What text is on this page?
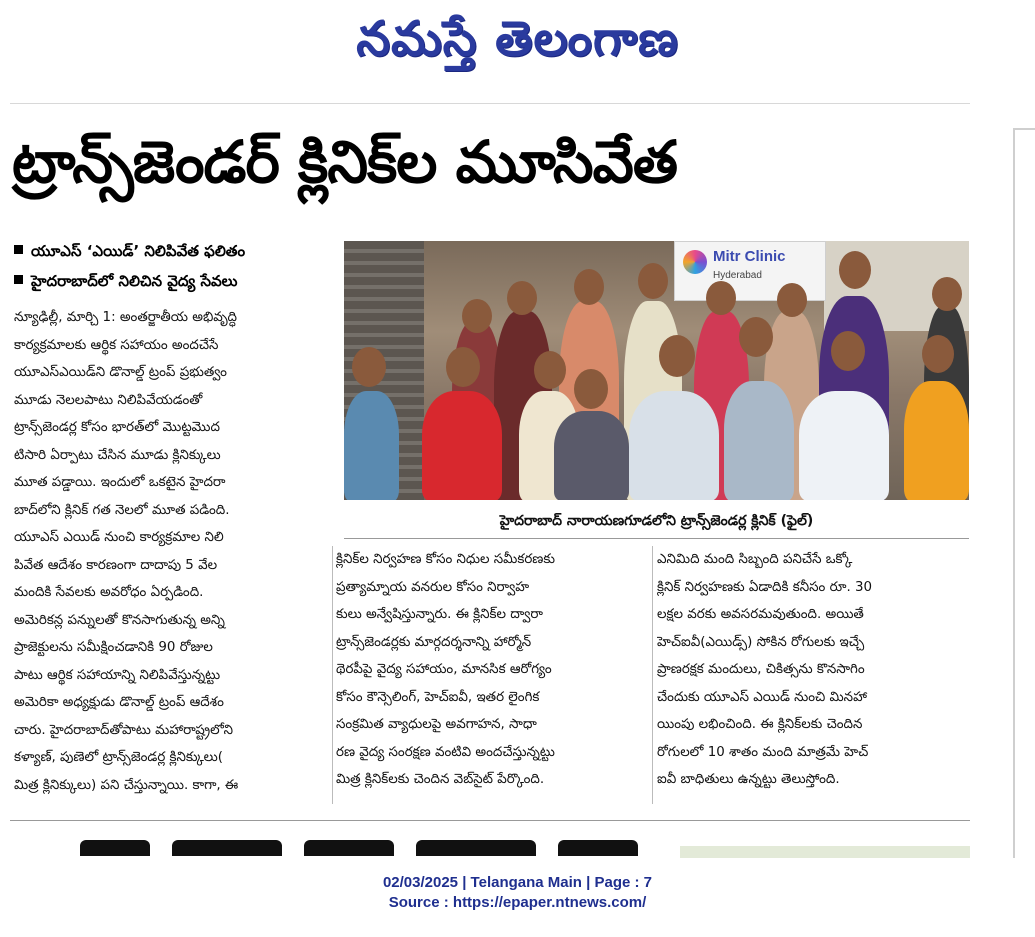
నమస్తే తెలంగాణ
ట్రాన్స్‌జెండర్ క్లినిక్‌ల మూసివేత
యూఎస్ ‘ఎయిడ్’ నిలిపివేత ఫలితం
హైదరాబాద్‌లో నిలిచిన వైద్య సేవలు
Mitr Clinic
Hyderabad
హైదరాబాద్ నారాయణగూడలోని ట్రాన్స్‌జెండర్ల క్లినిక్ (ఫైల్)
న్యూఢిల్లీ, మార్చి 1: అంతర్జాతీయ అభివృద్ధి
కార్యక్రమాలకు ఆర్థిక సహాయం అందచేసే
యూఎస్‌ఎయిడ్‌ని డొనాల్డ్ ట్రంప్ ప్రభుత్వం
మూడు నెలలపాటు నిలిపివేయడంతో
ట్రాన్స్‌జెండర్ల కోసం భారత్‌లో మొట్టమొద
టిసారి ఏర్పాటు చేసిన మూడు క్లినిక్కులు
మూత పడ్డాయి. ఇందులో ఒకటైన హైదరా
బాద్‌లోని క్లినిక్ గత నెలలో మూత పడింది.
యూఎస్ ఎయిడ్ నుంచి కార్యక్రమాల నిలి
పివేత ఆదేశం కారణంగా దాదాపు 5 వేల
మందికి సేవలకు అవరోధం ఏర్పడింది.
అమెరికన్ల పన్నులతో కొనసాగుతున్న అన్ని
ప్రాజెక్టులను సమీక్షించడానికి 90 రోజుల
పాటు ఆర్థిక సహాయాన్ని నిలిపివేస్తున్నట్టు
అమెరికా అధ్యక్షుడు డొనాల్డ్ ట్రంప్ ఆదేశం
చారు. హైదరాబాద్‌తోపాటు మహారాష్ట్రలోని
కళ్యాణ్, పుణెలో ట్రాన్స్‌జెండర్ల క్లినిక్కులు(
మిత్ర క్లినిక్కులు) పని చేస్తున్నాయి. కాగా, ఈ
క్లినిక్‌ల నిర్వహణ కోసం నిధుల సమీకరణకు
ప్రత్యామ్నాయ వనరుల కోసం నిర్వాహ
కులు అన్వేషిస్తున్నారు. ఈ క్లినిక్‌ల ద్వారా
ట్రాన్స్‌జెండర్లకు మార్గదర్శనాన్ని హార్మోన్
థెరపీపై వైద్య సహాయం, మానసిక ఆరోగ్యం
కోసం కౌన్సెలింగ్, హెచ్‌ఐవీ, ఇతర లైంగిక
సంక్రమిత వ్యాధులపై అవగాహన, సాధా
రణ వైద్య సంరక్షణ వంటివి అందచేస్తున్నట్టు
మిత్ర క్లినిక్‌లకు చెందిన వెబ్‌సైట్ పేర్కొంది.
ఎనిమిది మంది సిబ్బంది పనిచేసే ఒక్కో
క్లినిక్ నిర్వహణకు ఏడాదికి కనీసం రూ. 30
లక్షల వరకు అవసరమవుతుంది. అయితే
హెచ్‌ఐవీ(ఎయిడ్స్) సోకిన రోగులకు ఇచ్చే
ప్రాణరక్షక మందులు, చికిత్సను కొనసాగిం
చేందుకు యూఎస్ ఎయిడ్ నుంచి మినహా
యింపు లభించింది. ఈ క్లినిక్‌లకు చెందిన
రోగులలో 10 శాతం మంది మాత్రమే హెచ్
ఐవీ బాధితులు ఉన్నట్టు తెలుస్తోంది.
02/03/2025 | Telangana Main | Page : 7
Source : https://epaper.ntnews.com/
